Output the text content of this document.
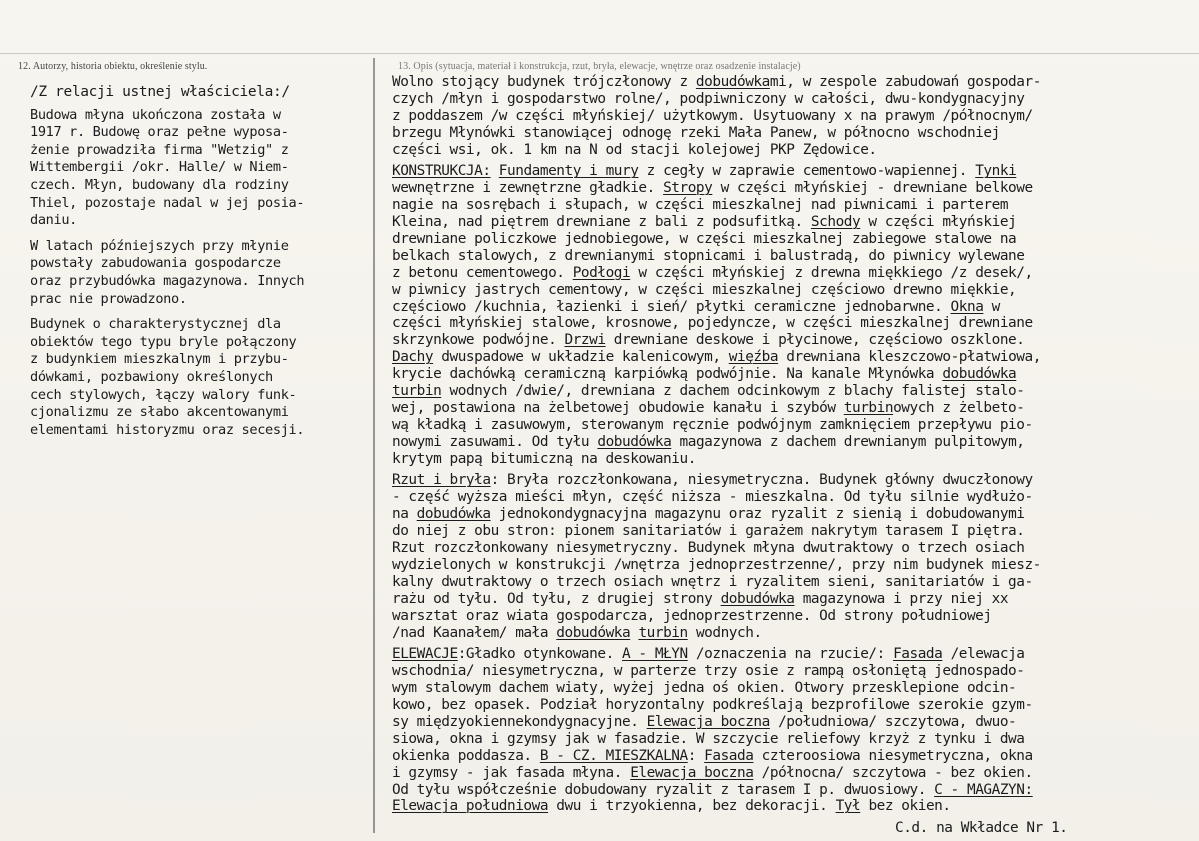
12. Autorzy, historia obiektu, określenie stylu.	13. Opis (sytuacja, materiał i konstrukcja, rzut, bryła, elewacje, wnętrze oraz osadzenie instalacje)
/Z relacji ustnej właściciela:/
Budowa młyna ukończona została w
1917 r. Budowę oraz pełne wyposa-
żenie prowadziła firma "Wetzig" z
Wittembergii /okr. Halle/ w Niem-
czech. Młyn, budowany dla rodziny
Thiel, pozostaje nadal w jej posia-
daniu.
W latach późniejszych przy młynie
powstały zabudowania gospodarcze
oraz przybudówka magazynowa. Innych
prac nie prowadzono.
Budynek o charakterystycznej dla
obiektów tego typu bryle połączony
z budynkiem mieszkalnym i przybu-
dówkami, pozbawiony określonych
cech stylowych, łączy walory funk-
cjonalizmu ze słabo akcentowanymi
elementami historyzmu oraz secesji.
Wolno stojący budynek trójczłonowy z dobudówkami, w zespole zabudowań gospodar-
czych /młyn i gospodarstwo rolne/, podpiwniczony w całości, dwu-kondygnacyjny
z poddaszem /w części młyńskiej/ użytkowym. Usytuowany x na prawym /północnym/
brzegu Młynówki stanowiącej odnogę rzeki Mała Panew, w północno wschodniej
części wsi, ok. 1 km na N od stacji kolejowej PKP Zędowice.
KONSTRUKCJA: Fundamenty i mury z cegły w zaprawie cementowo-wapiennej. Tynki
wewnętrzne i zewnętrzne gładkie. Stropy w części młyńskiej - drewniane belkowe
nagie na sosrębach i słupach, w części mieszkalnej nad piwnicami i parterem
Kleina, nad piętrem drewniane z bali z podsufitką. Schody w części młyńskiej
drewniane policzkowe jednobiegowe, w części mieszkalnej zabiegowe stalowe na
belkach stalowych, z drewnianymi stopnicami i balustradą, do piwnicy wylewane
z betonu cementowego. Podłogi w części młyńskiej z drewna miękkiego /z desek/,
w piwnicy jastrych cementowy, w części mieszkalnej częściowo drewno miękkie,
częściowo /kuchnia, łazienki i sień/ płytki ceramiczne jednobarwne. Okna w
części młyńskiej stalowe, krosnowe, pojedyncze, w części mieszkalnej drewniane
skrzynkowe podwójne. Drzwi drewniane deskowe i płycinowe, częściowo oszklone.
Dachy dwuspadowe w układzie kalenicowym, więźba drewniana kleszczowo-płatwiowa,
krycie dachówką ceramiczną karpiówką podwójnie. Na kanale Młynówka dobudówka
turbin wodnych /dwie/, drewniana z dachem odcinkowym z blachy falistej stalo-
wej, postawiona na żelbetowej obudowie kanału i szybów turbinowych z żelbeto-
wą kładką i zasuwowym, sterowanym ręcznie podwójnym zamknięciem przepływu pio-
nowymi zasuwami. Od tyłu dobudówka magazynowa z dachem drewnianym pulpitowym,
krytym papą bitumiczną na deskowaniu.
Rzut i bryła: Bryła rozczłonkowana, niesymetryczna. Budynek główny dwuczłonowy
- część wyższa mieści młyn, część niższa - mieszkalna. Od tyłu silnie wydłużo-
na dobudówka jednokondygnacyjna magazynu oraz ryzalit z sienią i dobudowanymi
do niej z obu stron: pionem sanitariatów i garażem nakrytym tarasem I piętra.
Rzut rozczłonkowany niesymetryczny. Budynek młyna dwutraktowy o trzech osiach
wydzielonych w konstrukcji /wnętrza jednoprzestrzenne/, przy nim budynek miesz-
kalny dwutraktowy o trzech osiach wnętrz i ryzalitem sieni, sanitariatów i ga-
rażu od tyłu. Od tyłu, z drugiej strony dobudówka magazynowa i przy niej xx
warsztat oraz wiata gospodarcza, jednoprzestrzenne. Od strony południowej
/nad Kaanałem/ mała dobudówka turbin wodnych.
ELEWACJE:Gładko otynkowane. A - MŁYN /oznaczenia na rzucie/: Fasada /elewacja
wschodnia/ niesymetryczna, w parterze trzy osie z rampą osłoniętą jednospado-
wym stalowym dachem wiaty, wyżej jedna oś okien. Otwory przesklepione odcin-
kowo, bez opasek. Podział horyzontalny podkreślają bezprofilowe szerokie gzym-
sy międzyokiennekondygnacyjne. Elewacja boczna /południowa/ szczytowa, dwuo-
siowa, okna i gzymsy jak w fasadzie. W szczycie reliefowy krzyż z tynku i dwa
okienka poddasza. B - CZ. MIESZKALNA: Fasada czteroosiowa niesymetryczna, okna
i gzymsy - jak fasada młyna. Elewacja boczna /północna/ szczytowa - bez okien.
Od tyłu współcześnie dobudowany ryzalit z tarasem I p. dwuosiowy. C - MAGAZYN:
Elewacja południowa dwu i trzyokienna, bez dekoracji. Tył bez okien.
C.d. na Wkładce Nr 1.
